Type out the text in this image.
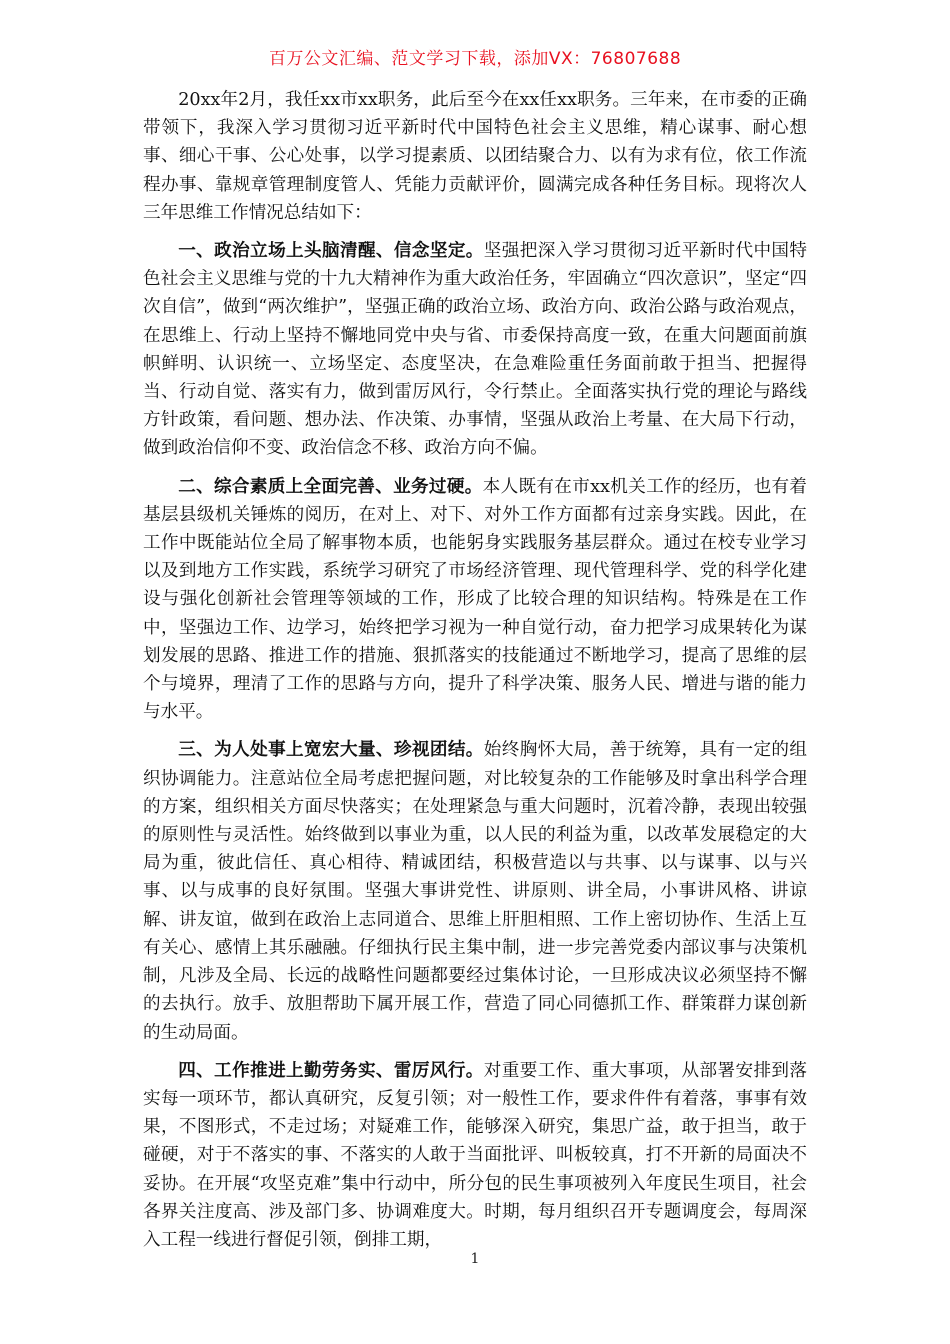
百万公文汇编、范文学习下载，添加VX：76807688

20xx年2月，我任xx市xx职务，此后至今在xx任xx职务。三年来，在市委的正确带领下，我深入学习贯彻习近平新时代中国特色社会主义思维，精心谋事、耐心想事、细心干事、公心处事，以学习提素质、以团结聚合力、以有为求有位，依工作流程办事、靠规章管理制度管人、凭能力贡献评价，圆满完成各种任务目标。现将次人三年思维工作情况总结如下：

一、政治立场上头脑清醒、信念坚定。坚强把深入学习贯彻习近平新时代中国特色社会主义思维与党的十九大精神作为重大政治任务，牢固确立“四次意识”，坚定“四次自信”，做到“两次维护”，坚强正确的政治立场、政治方向、政治公路与政治观点，在思维上、行动上坚持不懈地同党中央与省、市委保持高度一致，在重大问题面前旗帜鲜明、认识统一、立场坚定、态度坚决，在急难险重任务面前敢于担当、把握得当、行动自觉、落实有力，做到雷厉风行，令行禁止。全面落实执行党的理论与路线方针政策，看问题、想办法、作决策、办事情，坚强从政治上考量、在大局下行动，做到政治信仰不变、政治信念不移、政治方向不偏。

二、综合素质上全面完善、业务过硬。本人既有在市xx机关工作的经历，也有着基层县级机关锤炼的阅历，在对上、对下、对外工作方面都有过亲身实践。因此，在工作中既能站位全局了解事物本质，也能躬身实践服务基层群众。通过在校专业学习以及到地方工作实践，系统学习研究了市场经济管理、现代管理科学、党的科学化建设与强化创新社会管理等领域的工作，形成了比较合理的知识结构。特殊是在工作中，坚强边工作、边学习，始终把学习视为一种自觉行动，奋力把学习成果转化为谋划发展的思路、推进工作的措施、狠抓落实的技能通过不断地学习，提高了思维的层个与境界，理清了工作的思路与方向，提升了科学决策、服务人民、增进与谐的能力与水平。

三、为人处事上宽宏大量、珍视团结。始终胸怀大局，善于统筹，具有一定的组织协调能力。注意站位全局考虑把握问题，对比较复杂的工作能够及时拿出科学合理的方案，组织相关方面尽快落实；在处理紧急与重大问题时，沉着冷静，表现出较强的原则性与灵活性。始终做到以事业为重，以人民的利益为重，以改革发展稳定的大局为重，彼此信任、真心相待、精诚团结，积极营造以与共事、以与谋事、以与兴事、以与成事的良好氛围。坚强大事讲党性、讲原则、讲全局，小事讲风格、讲谅解、讲友谊，做到在政治上志同道合、思维上肝胆相照、工作上密切协作、生活上互有关心、感情上其乐融融。仔细执行民主集中制，进一步完善党委内部议事与决策机制，凡涉及全局、长远的战略性问题都要经过集体讨论，一旦形成决议必须坚持不懈的去执行。放手、放胆帮助下属开展工作，营造了同心同德抓工作、群策群力谋创新的生动局面。

四、工作推进上勤劳务实、雷厉风行。对重要工作、重大事项，从部署安排到落实每一项环节，都认真研究，反复引领；对一般性工作，要求件件有着落，事事有效果，不图形式，不走过场；对疑难工作，能够深入研究，集思广益，敢于担当，敢于碰硬，对于不落实的事、不落实的人敢于当面批评、叫板较真，打不开新的局面决不妥协。在开展“攻坚克难”集中行动中，所分包的民生事项被列入年度民生项目，社会各界关注度高、涉及部门多、协调难度大。时期，每月组织召开专题调度会，每周深入工程一线进行督促引领，倒排工期，

1
